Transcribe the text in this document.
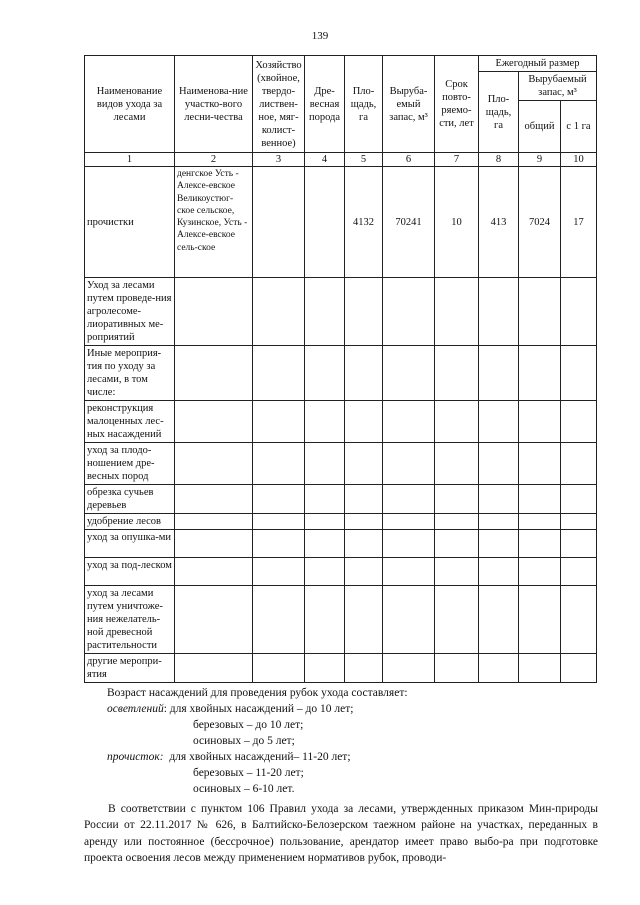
139
Наименование видов ухода за лесами	Наименова-ние участко-вого лесни-чества	Хозяйство (хвойное, твердо-листвен-ное, мяг-колист-венное)	Дре-весная порода	Пло-щадь, га	Выруба-емый запас, м³	Срок повто-ряемо-сти, лет	Ежегодный размер		
							Пло-щадь, га	Вырубаемый запас, м³	
								общий	с 1 га
1	2	3	4	5	6	7	8	9	10
прочистки	денгское Усть - Алексе-евское Великоустюг-ское сельское, Кузинское, Усть - Алексе-евское сель-ское			4132	70241	10	413	7024	17
Уход за лесами путем проведе-ния агролесоме-лиоративных ме-роприятий									
Иные мероприя-тия по уходу за лесами, в том числе:									
реконструкция малоценных лес-ных насаждений									
уход за плодо-ношением дре-весных пород									
обрезка сучьев деревьев									
удобрение лесов									
уход за опушка-ми									
уход за под-леском									
уход за лесами путем уничтоже-ния нежелатель-ной древесной растительности									
другие меропри-ятия									
Возраст насаждений для проведения рубок ухода составляет:
осветлений: для хвойных насаждений – до 10 лет;
березовых – до 10 лет;
осиновых – до 5 лет;
прочисток: для хвойных насаждений– 11-20 лет;
березовых – 11-20 лет;
осиновых – 6-10 лет.
В соответствии с пунктом 106 Правил ухода за лесами, утвержденных приказом Мин-природы России от 22.11.2017 № 626, в Балтийско-Белозерском таежном районе на участках, переданных в аренду или постоянное (бессрочное) пользование, арендатор имеет право выбо-ра при подготовке проекта освоения лесов между применением нормативов рубок, проводи-
